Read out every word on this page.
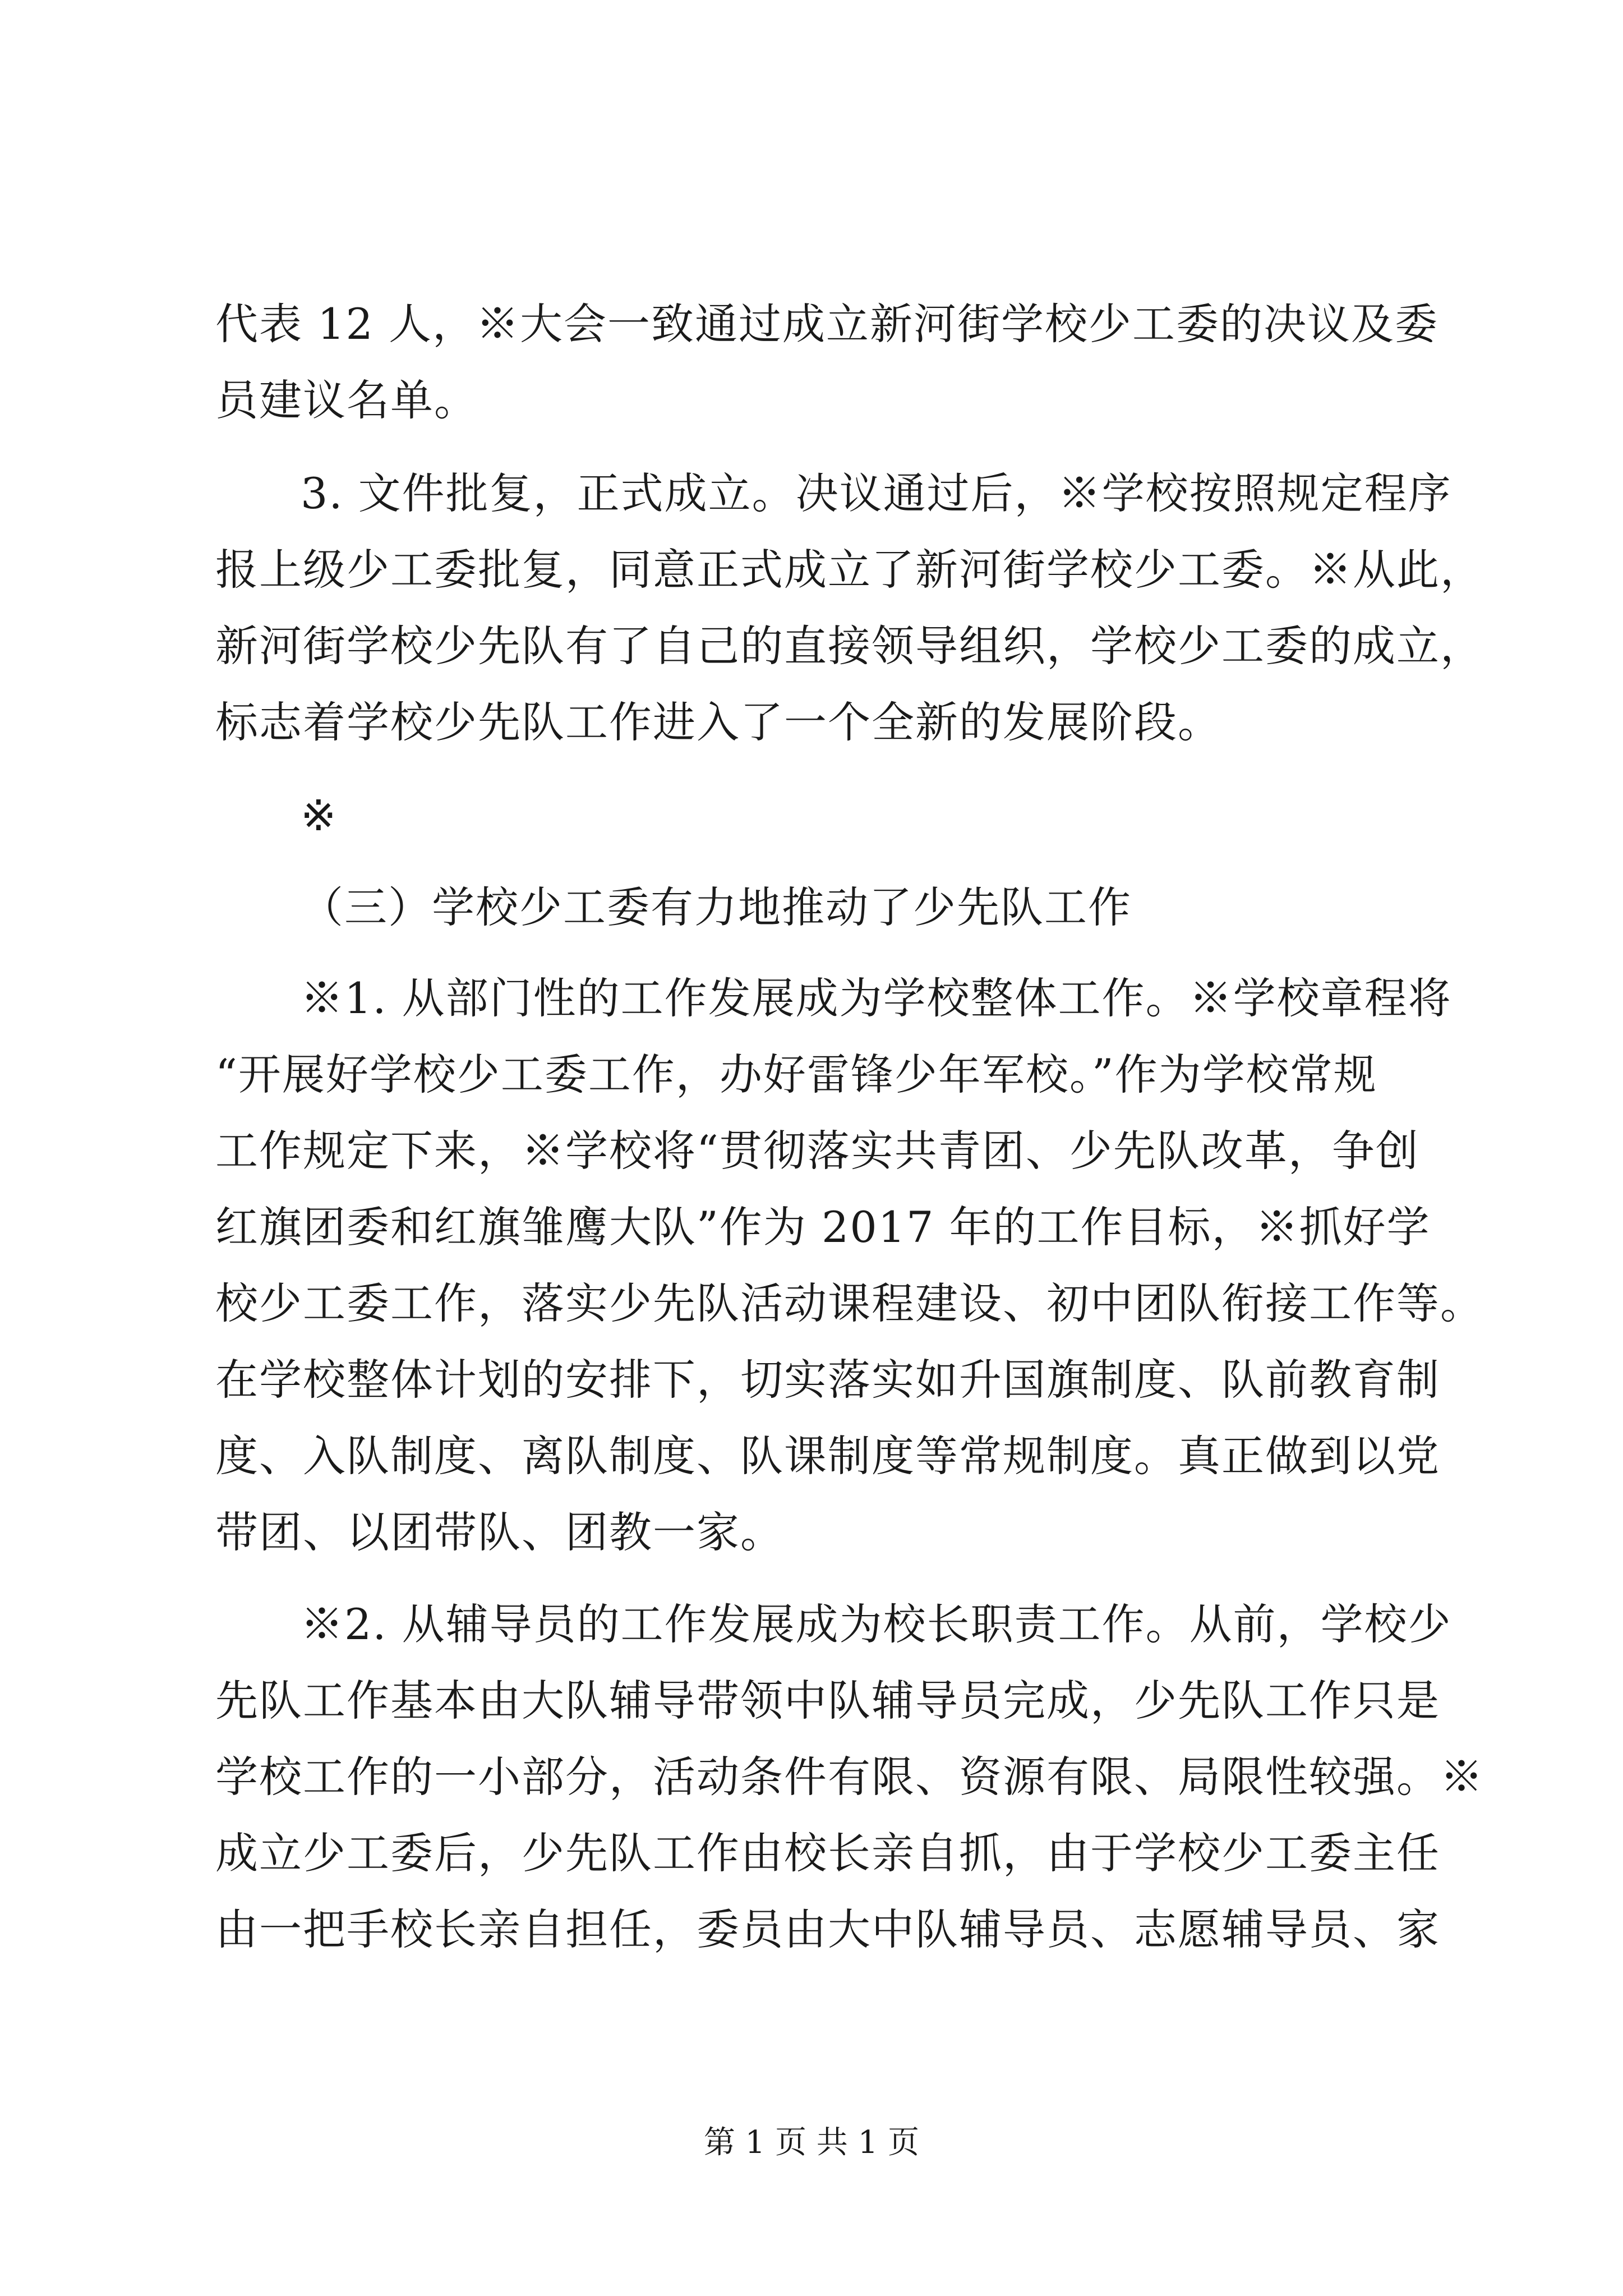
代表 12 人，※大会一致通过成立新河街学校少工委的决议及委
员建议名单。
3. 文件批复，正式成立。决议通过后，※学校按照规定程序
报上级少工委批复，同意正式成立了新河街学校少工委。※从此，
新河街学校少先队有了自己的直接领导组织，学校少工委的成立，
标志着学校少先队工作进入了一个全新的发展阶段。
※
（三）学校少工委有力地推动了少先队工作
※1. 从部门性的工作发展成为学校整体工作。※学校章程将
“开展好学校少工委工作，办好雷锋少年军校。”作为学校常规
工作规定下来，※学校将“贯彻落实共青团、少先队改革，争创
红旗团委和红旗雏鹰大队”作为 2017 年的工作目标，※抓好学
校少工委工作，落实少先队活动课程建设、初中团队衔接工作等。
在学校整体计划的安排下，切实落实如升国旗制度、队前教育制
度、入队制度、离队制度、队课制度等常规制度。真正做到以党
带团、以团带队、团教一家。
※2. 从辅导员的工作发展成为校长职责工作。从前，学校少
先队工作基本由大队辅导带领中队辅导员完成，少先队工作只是
学校工作的一小部分，活动条件有限、资源有限、局限性较强。※
成立少工委后，少先队工作由校长亲自抓，由于学校少工委主任
由一把手校长亲自担任，委员由大中队辅导员、志愿辅导员、家
第 1 页 共 1 页
